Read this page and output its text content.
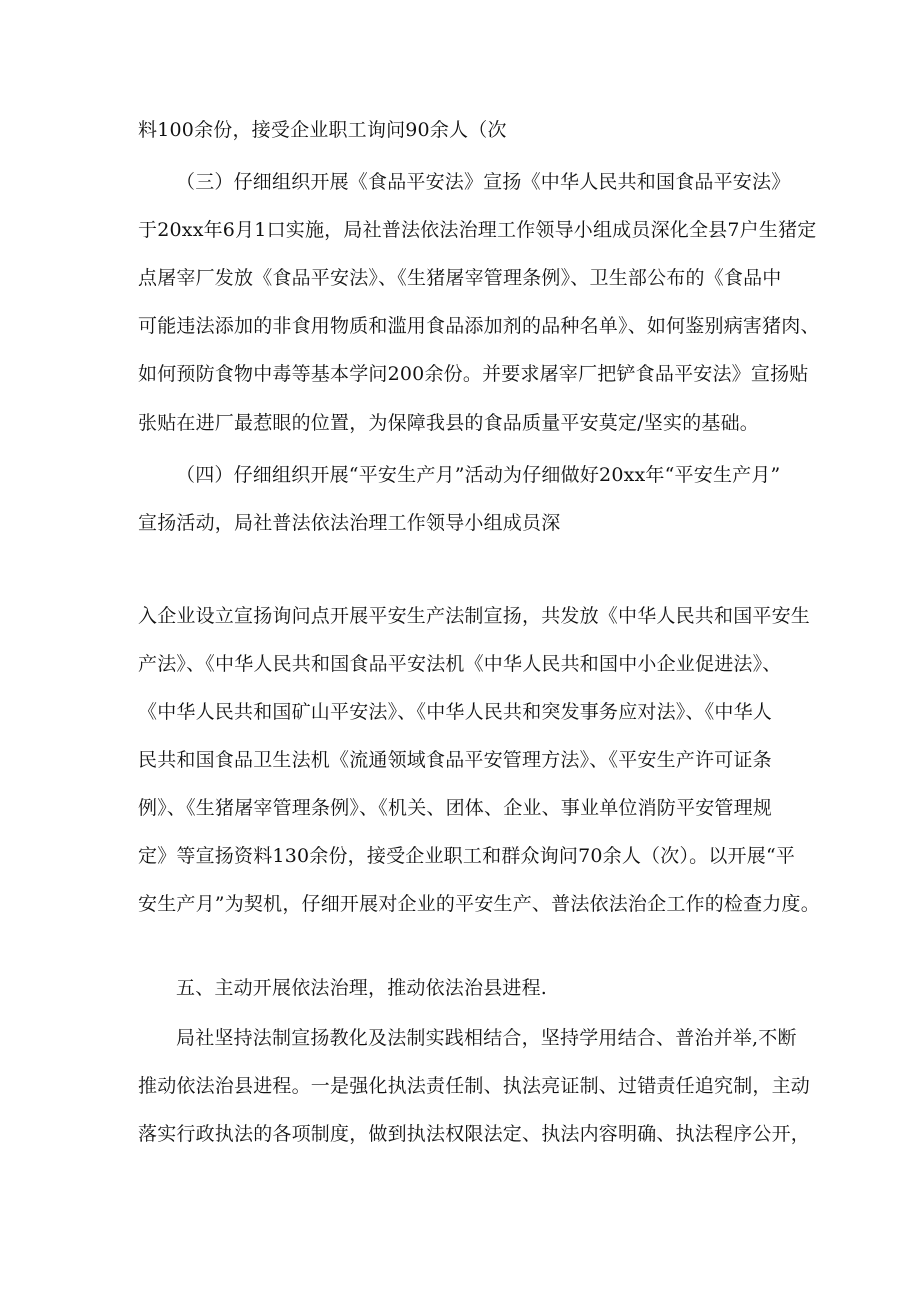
料100余份，接受企业职工询问90余人（次
（三）仔细组织开展《食品平安法》宣扬《中华人民共和国食品平安法》
于20xx年6月1口实施，局社普法依法治理工作领导小组成员深化全县7户生猪定
点屠宰厂发放《食品平安法》、《生猪屠宰管理条例》、卫生部公布的《食品中
可能违法添加的非食用物质和滥用食品添加剂的品种名单》、如何鉴别病害猪肉、
如何预防食物中毒等基本学问200余份。并要求屠宰厂把铲食品平安法》宣扬贴
张贴在进厂最惹眼的位置，为保障我县的食品质量平安莫定/坚实的基础。
（四）仔细组织开展“平安生产月”活动为仔细做好20xx年“平安生产月”
宣扬活动，局社普法依法治理工作领导小组成员深
入企业设立宣扬询问点开展平安生产法制宣扬，共发放《中华人民共和国平安生
产法》、《中华人民共和国食品平安法机《中华人民共和国中小企业促进法》、
《中华人民共和国矿山平安法》、《中华人民共和突发事务应对法》、《中华人
民共和国食品卫生法机《流通领域食品平安管理方法》、《平安生产许可证条
例》、《生猪屠宰管理条例》、《机关、团体、企业、事业单位消防平安管理规
定》等宣扬资料130余份，接受企业职工和群众询问70余人（次）。以开展“平
安生产月”为契机，仔细开展对企业的平安生产、普法依法治企工作的检查力度。
五、主动开展依法治理，推动依法治县进程.
局社坚持法制宣扬教化及法制实践相结合，坚持学用结合、普治并举,不断
推动依法治县进程。一是强化执法责任制、执法亮证制、过错责任追究制，主动
落实行政执法的各项制度，做到执法权限法定、执法内容明确、执法程序公开，
